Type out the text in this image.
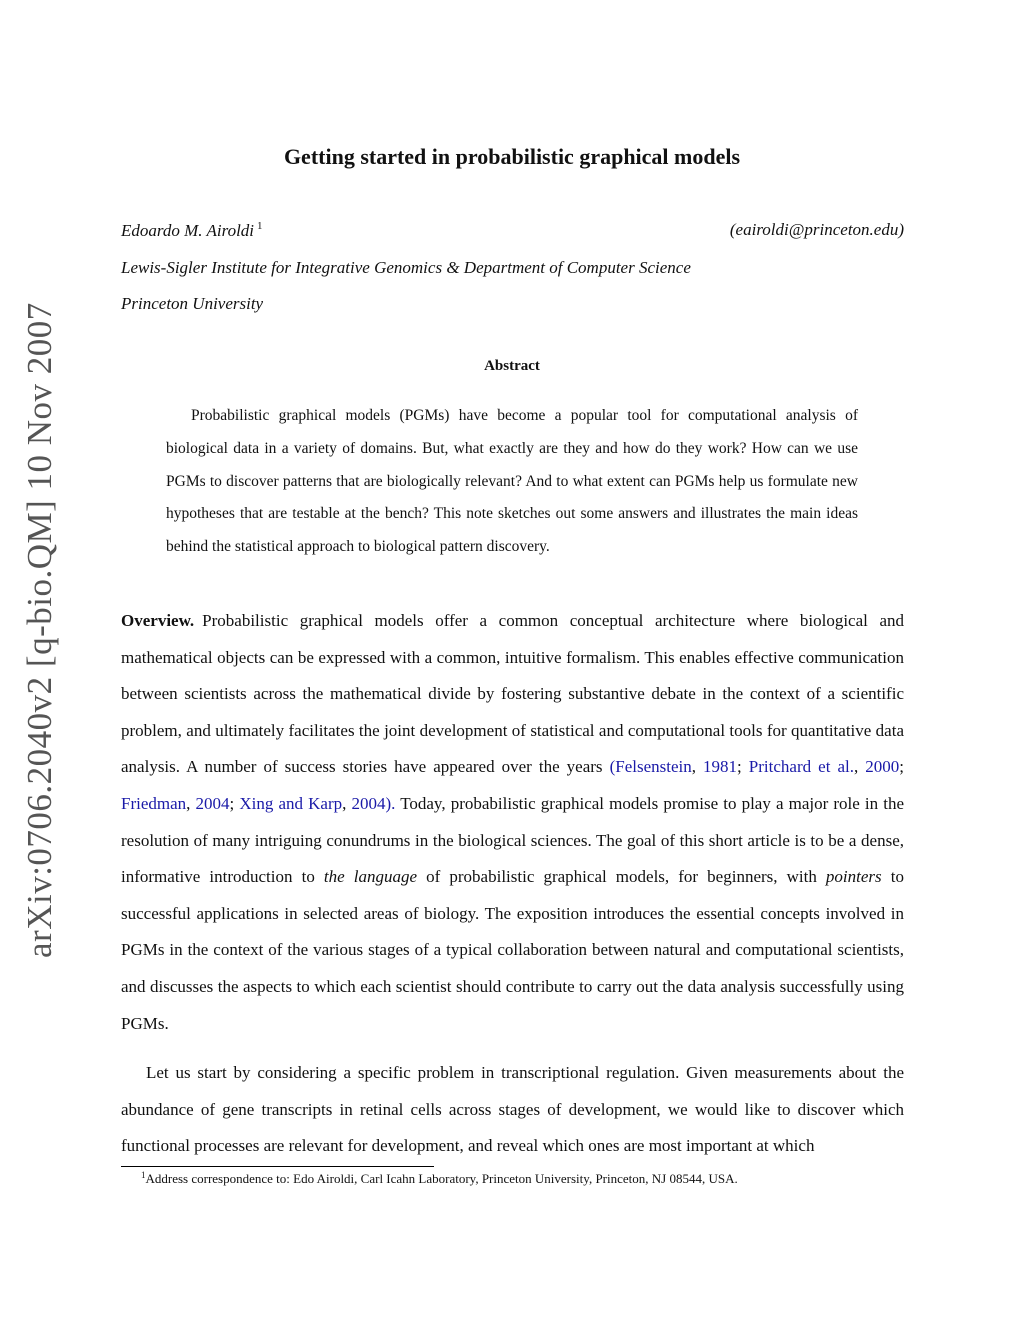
arXiv:0706.2040v2 [q-bio.QM] 10 Nov 2007
Getting started in probabilistic graphical models
Edoardo M. Airoldi $^1$	(eairoldi@princeton.edu)
Lewis-Sigler Institute for Integrative Genomics & Department of Computer Science
Princeton University
Abstract
Probabilistic graphical models (PGMs) have become a popular tool for computational analysis of biological data in a variety of domains. But, what exactly are they and how do they work? How can we use PGMs to discover patterns that are biologically relevant? And to what extent can PGMs help us formulate new hypotheses that are testable at the bench? This note sketches out some answers and illustrates the main ideas behind the statistical approach to biological pattern discovery.
Overview. Probabilistic graphical models offer a common conceptual architecture where biological and mathematical objects can be expressed with a common, intuitive formalism. This enables effective communication between scientists across the mathematical divide by fostering substantive debate in the context of a scientific problem, and ultimately facilitates the joint development of statistical and computational tools for quantitative data analysis. A number of success stories have appeared over the years (Felsenstein, 1981; Pritchard et al., 2000; Friedman, 2004; Xing and Karp, 2004). Today, probabilistic graphical models promise to play a major role in the resolution of many intriguing conundrums in the biological sciences. The goal of this short article is to be a dense, informative introduction to the language of probabilistic graphical models, for beginners, with pointers to successful applications in selected areas of biology. The exposition introduces the essential concepts involved in PGMs in the context of the various stages of a typical collaboration between natural and computational scientists, and discusses the aspects to which each scientist should contribute to carry out the data analysis successfully using PGMs.
Let us start by considering a specific problem in transcriptional regulation. Given measurements about the abundance of gene transcripts in retinal cells across stages of development, we would like to discover which functional processes are relevant for development, and reveal which ones are most important at which
$^1$Address correspondence to: Edo Airoldi, Carl Icahn Laboratory, Princeton University, Princeton, NJ 08544, USA.
